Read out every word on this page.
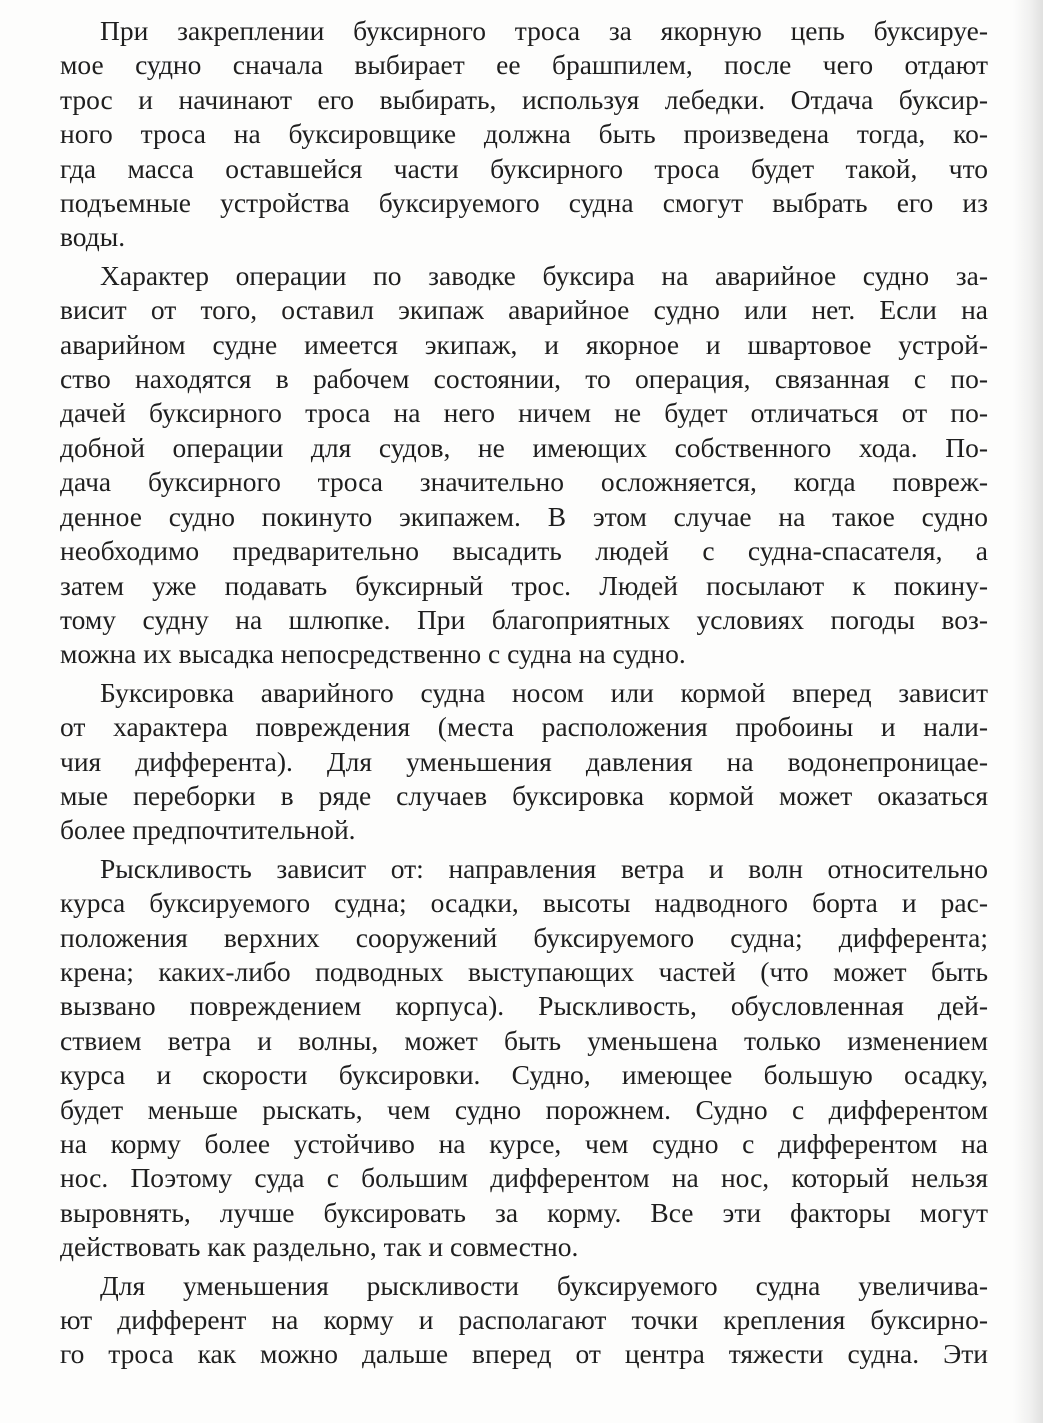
При закреплении буксирного троса за якорную цепь буксируе-
мое судно сначала выбирает ее брашпилем, после чего отдают
трос и начинают его выбирать, используя лебедки. Отдача буксир-
ного троса на буксировщике должна быть произведена тогда, ко-
гда масса оставшейся части буксирного троса будет такой, что
подъемные устройства буксируемого судна смогут выбрать его из
воды.
Характер операции по заводке буксира на аварийное судно за-
висит от того, оставил экипаж аварийное судно или нет. Если на
аварийном судне имеется экипаж, и якорное и швартовое устрой-
ство находятся в рабочем состоянии, то операция, связанная с по-
дачей буксирного троса на него ничем не будет отличаться от по-
добной операции для судов, не имеющих собственного хода. По-
дача буксирного троса значительно осложняется, когда повреж-
денное судно покинуто экипажем. В этом случае на такое судно
необходимо предварительно высадить людей с судна-спасателя, а
затем уже подавать буксирный трос. Людей посылают к покину-
тому судну на шлюпке. При благоприятных условиях погоды воз-
можна их высадка непосредственно с судна на судно.
Буксировка аварийного судна носом или кормой вперед зависит
от характера повреждения (места расположения пробоины и нали-
чия дифферента). Для уменьшения давления на водонепроницае-
мые переборки в ряде случаев буксировка кормой может оказаться
более предпочтительной.
Рыскливость зависит от: направления ветра и волн относительно
курса буксируемого судна; осадки, высоты надводного борта и рас-
положения верхних сооружений буксируемого судна; дифферента;
крена; каких-либо подводных выступающих частей (что может быть
вызвано повреждением корпуса). Рыскливость, обусловленная дей-
ствием ветра и волны, может быть уменьшена только изменением
курса и скорости буксировки. Судно, имеющее большую осадку,
будет меньше рыскать, чем судно порожнем. Судно с дифферентом
на корму более устойчиво на курсе, чем судно с дифферентом на
нос. Поэтому суда с большим дифферентом на нос, который нельзя
выровнять, лучше буксировать за корму. Все эти факторы могут
действовать как раздельно, так и совместно.
Для уменьшения рыскливости буксируемого судна увеличива-
ют дифферент на корму и располагают точки крепления буксирно-
го троса как можно дальше вперед от центра тяжести судна. Эти
